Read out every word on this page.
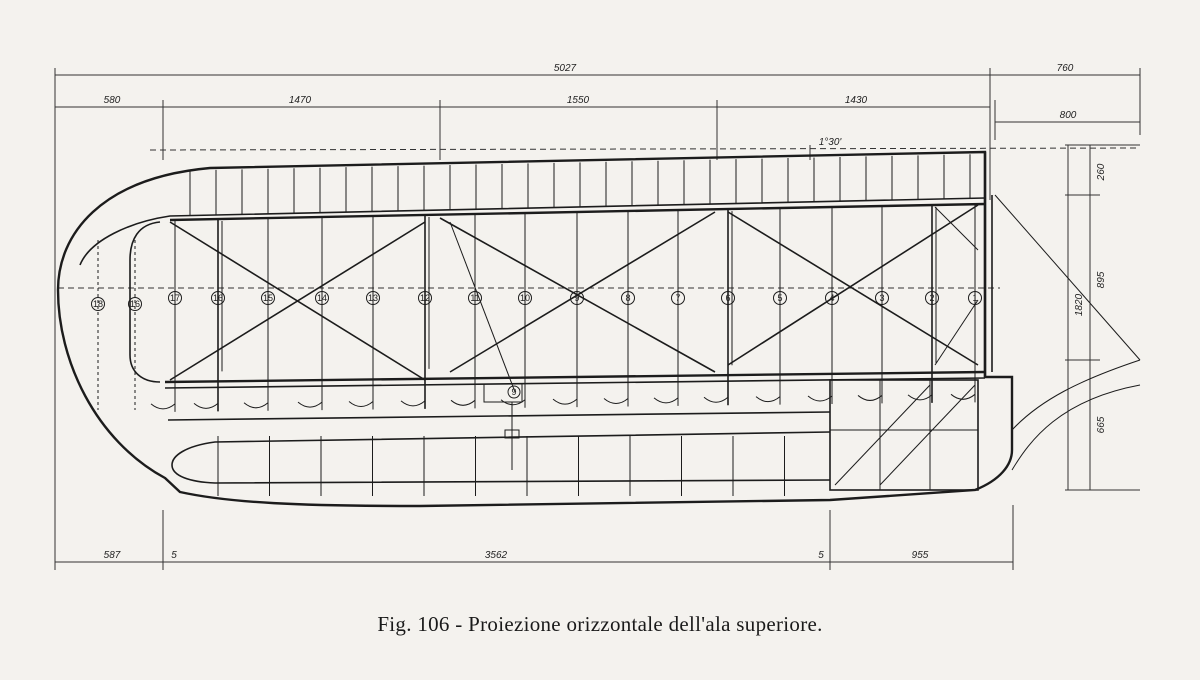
5027	760
580	1470	1550	1430
800
1°30'
260
895
1820
665
587	5	3562	5	955
9
18	16
17	16	15	14	13	12	11	10	9	8	7	6	5	4	3	2	1
Fig. 106 - Proiezione orizzontale dell'ala superiore.
